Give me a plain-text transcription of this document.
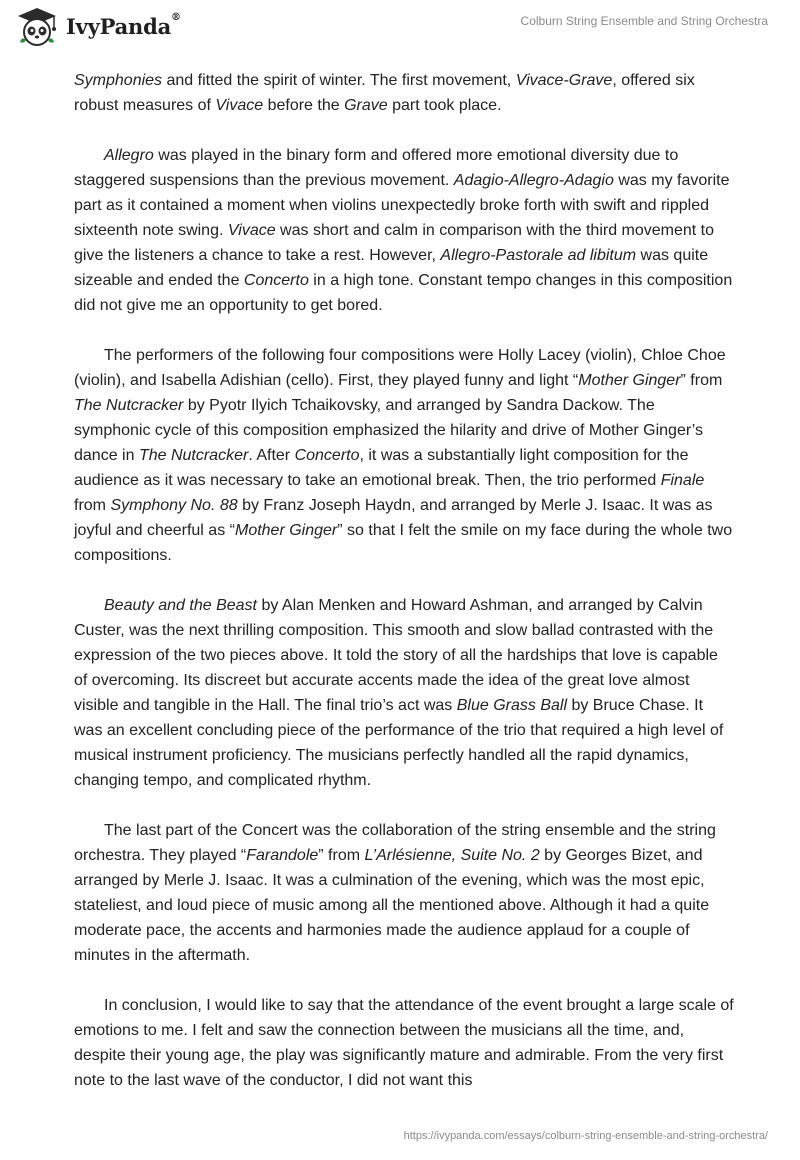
IvyPanda®	Colburn String Ensemble and String Orchestra

Symphonies and fitted the spirit of winter. The first movement, Vivace-Grave, offered six robust measures of Vivace before the Grave part took place.

Allegro was played in the binary form and offered more emotional diversity due to staggered suspensions than the previous movement. Adagio-Allegro-Adagio was my favorite part as it contained a moment when violins unexpectedly broke forth with swift and rippled sixteenth note swing. Vivace was short and calm in comparison with the third movement to give the listeners a chance to take a rest. However, Allegro-Pastorale ad libitum was quite sizeable and ended the Concerto in a high tone. Constant tempo changes in this composition did not give me an opportunity to get bored.

The performers of the following four compositions were Holly Lacey (violin), Chloe Choe (violin), and Isabella Adishian (cello). First, they played funny and light “Mother Ginger” from The Nutcracker by Pyotr Ilyich Tchaikovsky, and arranged by Sandra Dackow. The symphonic cycle of this composition emphasized the hilarity and drive of Mother Ginger’s dance in The Nutcracker. After Concerto, it was a substantially light composition for the audience as it was necessary to take an emotional break. Then, the trio performed Finale from Symphony No. 88 by Franz Joseph Haydn, and arranged by Merle J. Isaac. It was as joyful and cheerful as “Mother Ginger” so that I felt the smile on my face during the whole two compositions.

Beauty and the Beast by Alan Menken and Howard Ashman, and arranged by Calvin Custer, was the next thrilling composition. This smooth and slow ballad contrasted with the expression of the two pieces above. It told the story of all the hardships that love is capable of overcoming. Its discreet but accurate accents made the idea of the great love almost visible and tangible in the Hall. The final trio’s act was Blue Grass Ball by Bruce Chase. It was an excellent concluding piece of the performance of the trio that required a high level of musical instrument proficiency. The musicians perfectly handled all the rapid dynamics, changing tempo, and complicated rhythm.

The last part of the Concert was the collaboration of the string ensemble and the string orchestra. They played “Farandole” from L’Arlésienne, Suite No. 2 by Georges Bizet, and arranged by Merle J. Isaac. It was a culmination of the evening, which was the most epic, stateliest, and loud piece of music among all the mentioned above. Although it had a quite moderate pace, the accents and harmonies made the audience applaud for a couple of minutes in the aftermath.

In conclusion, I would like to say that the attendance of the event brought a large scale of emotions to me. I felt and saw the connection between the musicians all the time, and, despite their young age, the play was significantly mature and admirable. From the very first note to the last wave of the conductor, I did not want this

https://ivypanda.com/essays/colburn-string-ensemble-and-string-orchestra/
